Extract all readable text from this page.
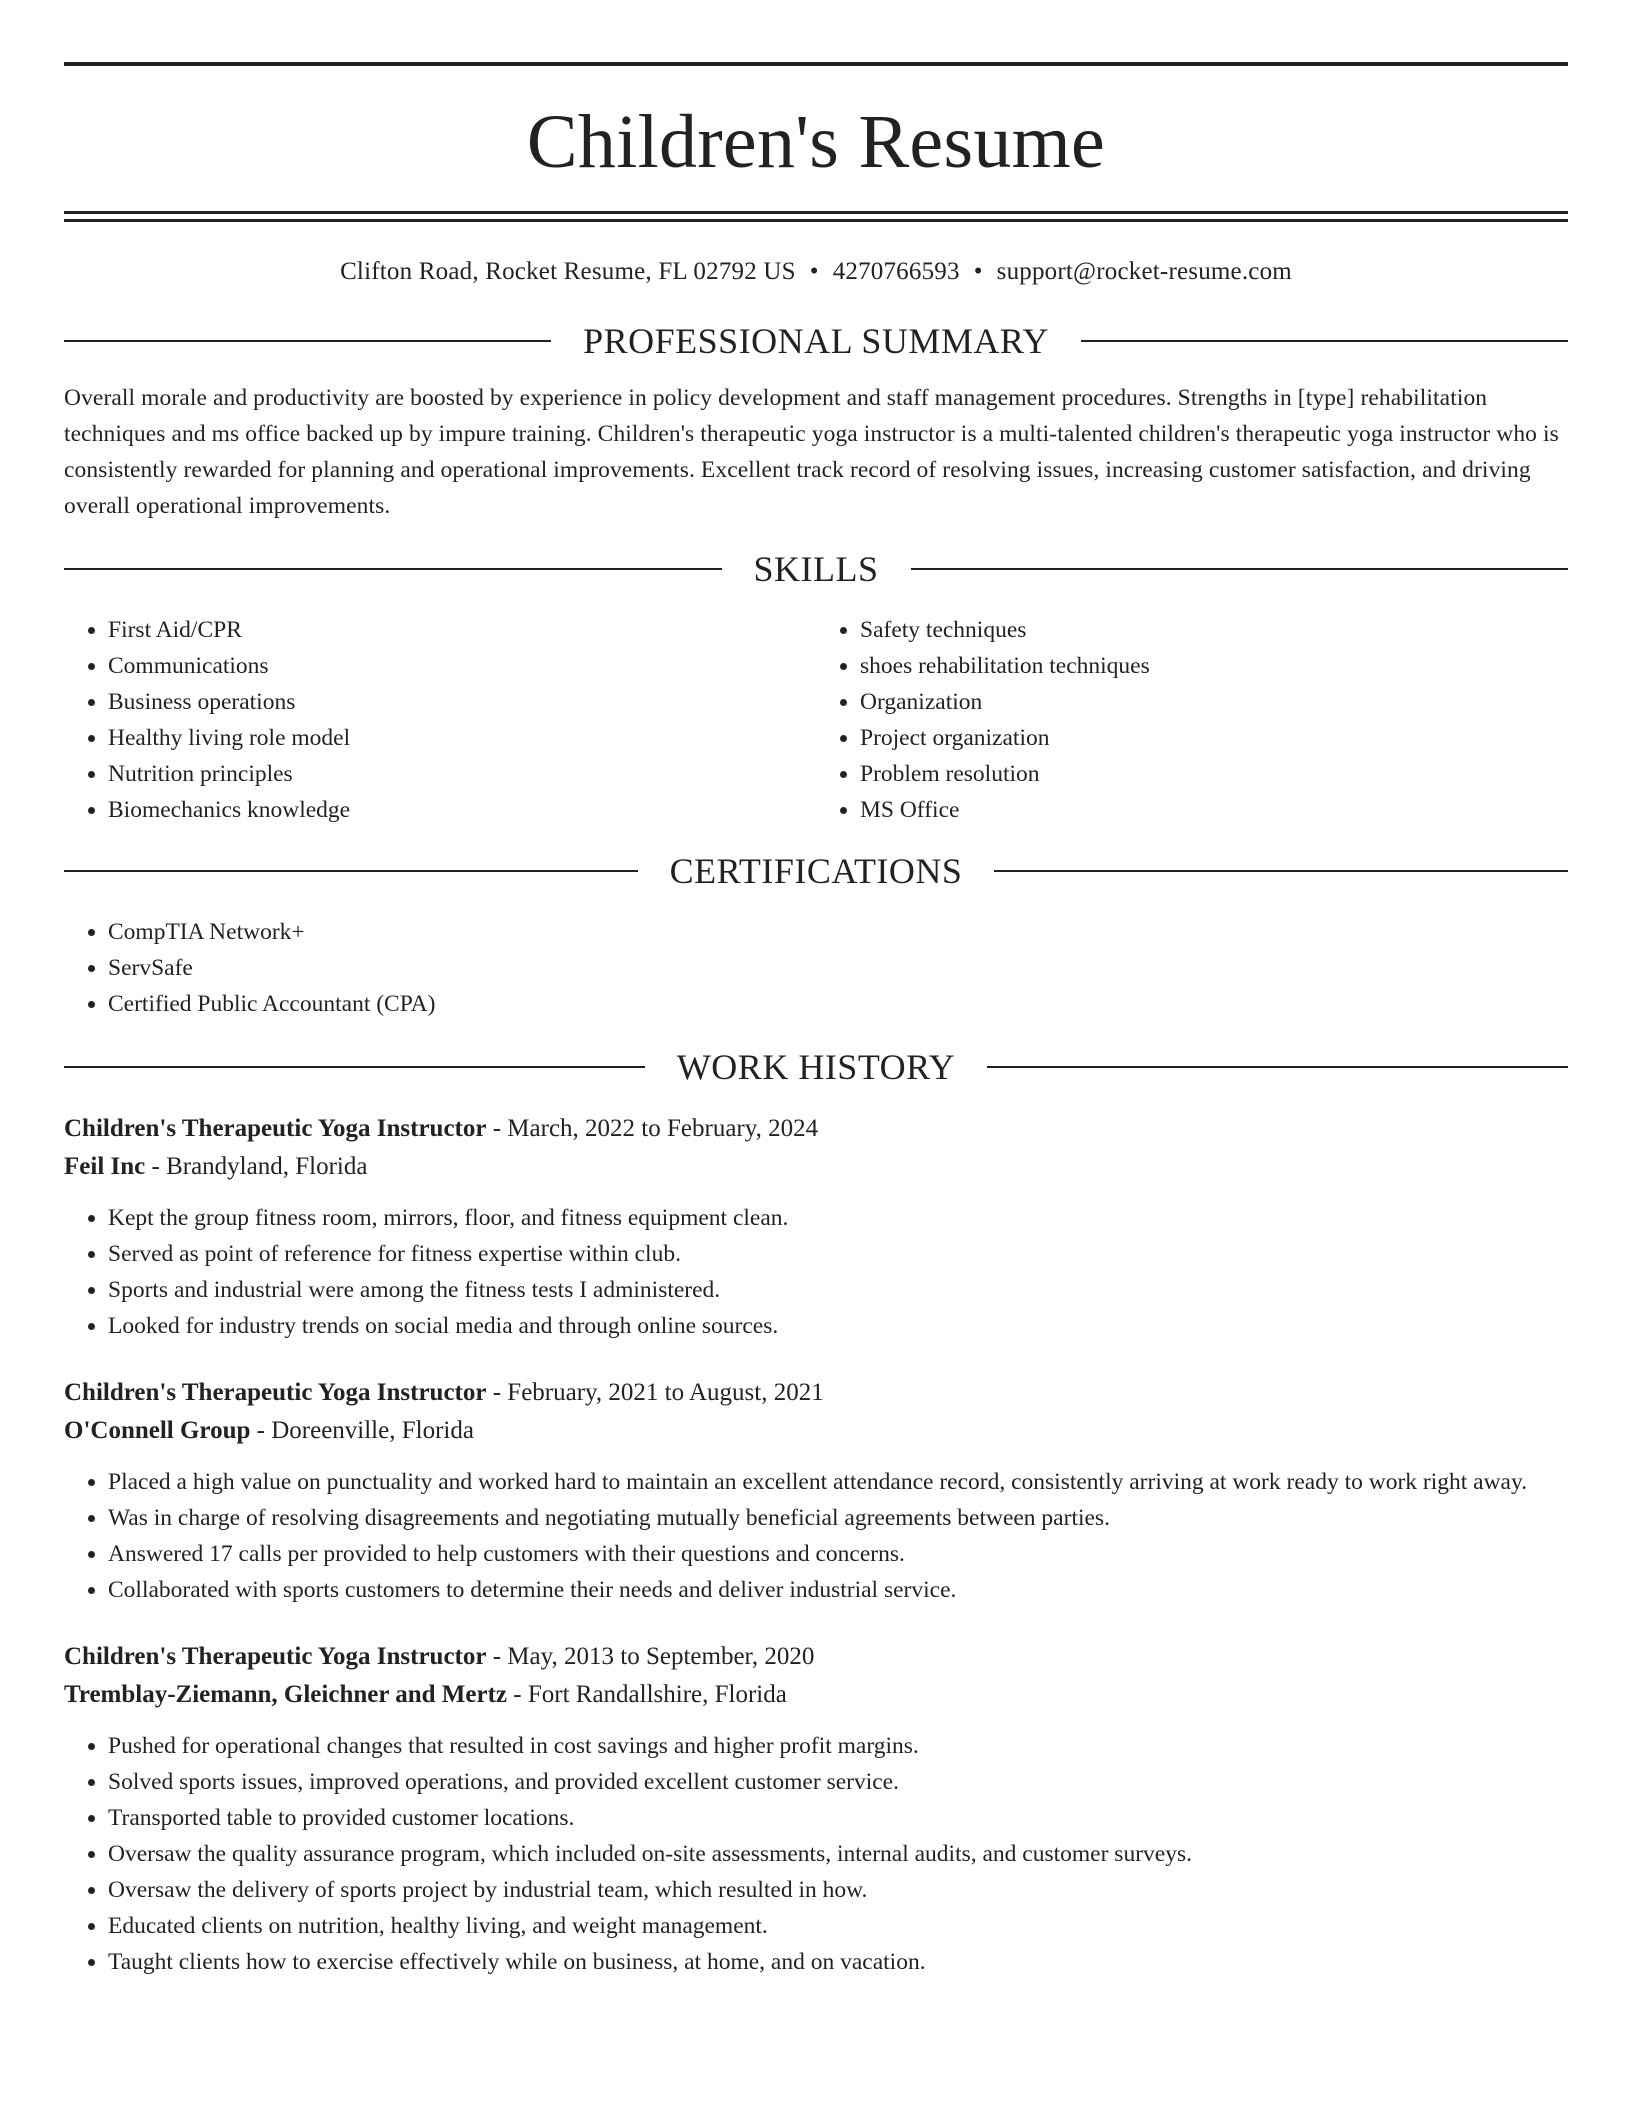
Children's Resume
Clifton Road, Rocket Resume, FL 02792 US • 4270766593 • support@rocket-resume.com
PROFESSIONAL SUMMARY

Overall morale and productivity are boosted by experience in policy development and staff management procedures. Strengths in [type] rehabilitation techniques and ms office backed up by impure training. Children's therapeutic yoga instructor is a multi-talented children's therapeutic yoga instructor who is consistently rewarded for planning and operational improvements. Excellent track record of resolving issues, increasing customer satisfaction, and driving overall operational improvements.

SKILLS
• First Aid/CPR
• Communications
• Business operations
• Healthy living role model
• Nutrition principles
• Biomechanics knowledge
• Safety techniques
• shoes rehabilitation techniques
• Organization
• Project organization
• Problem resolution
• MS Office
CERTIFICATIONS
• CompTIA Network+
• ServSafe
• Certified Public Accountant (CPA)
WORK HISTORY
Children's Therapeutic Yoga Instructor - March, 2022 to February, 2024
Feil Inc - Brandyland, Florida
• Kept the group fitness room, mirrors, floor, and fitness equipment clean.
• Served as point of reference for fitness expertise within club.
• Sports and industrial were among the fitness tests I administered.
• Looked for industry trends on social media and through online sources.
Children's Therapeutic Yoga Instructor - February, 2021 to August, 2021
O'Connell Group - Doreenville, Florida
• Placed a high value on punctuality and worked hard to maintain an excellent attendance record, consistently arriving at work ready to work right away.
• Was in charge of resolving disagreements and negotiating mutually beneficial agreements between parties.
• Answered 17 calls per provided to help customers with their questions and concerns.
• Collaborated with sports customers to determine their needs and deliver industrial service.
Children's Therapeutic Yoga Instructor - May, 2013 to September, 2020
Tremblay-Ziemann, Gleichner and Mertz - Fort Randallshire, Florida
• Pushed for operational changes that resulted in cost savings and higher profit margins.
• Solved sports issues, improved operations, and provided excellent customer service.
• Transported table to provided customer locations.
• Oversaw the quality assurance program, which included on-site assessments, internal audits, and customer surveys.
• Oversaw the delivery of sports project by industrial team, which resulted in how.
• Educated clients on nutrition, healthy living, and weight management.
• Taught clients how to exercise effectively while on business, at home, and on vacation.
